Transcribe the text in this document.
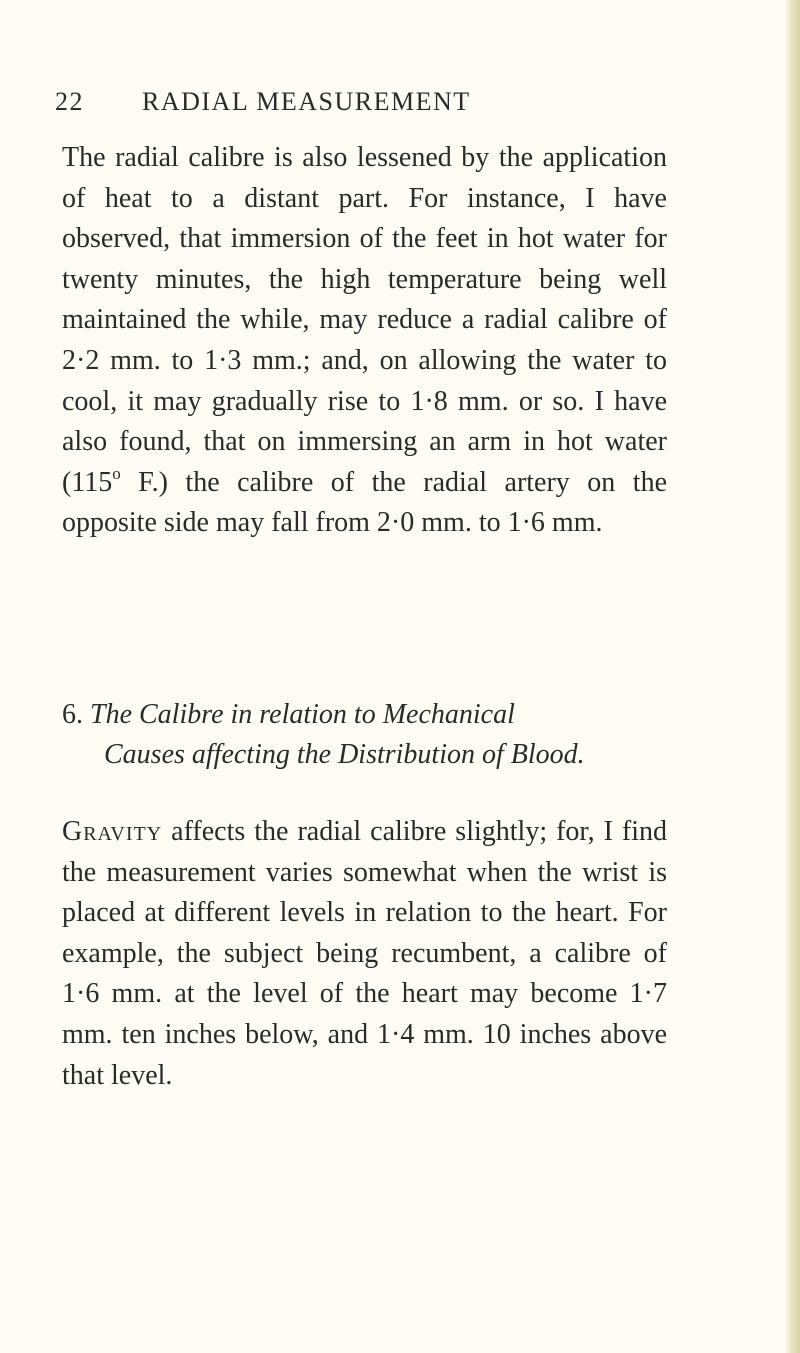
22 RADIAL MEASUREMENT

The radial calibre is also lessened by the application of heat to a distant part. For instance, I have observed, that immersion of the feet in hot water for twenty minutes, the high temperature being well maintained the while, may reduce a radial calibre of 2·2 mm. to 1·3 mm.; and, on allowing the water to cool, it may gradually rise to 1·8 mm. or so. I have also found, that on immersing an arm in hot water (115$^o$ F.) the calibre of the radial artery on the opposite side may fall from 2·0 mm. to 1·6 mm.

6. The Calibre in relation to Mechanical
Causes affecting the Distribution of Blood.

Gravity affects the radial calibre slightly; for, I find the measurement varies somewhat when the wrist is placed at different levels in relation to the heart. For example, the subject being recumbent, a calibre of 1·6 mm. at the level of the heart may become 1·7 mm. ten inches below, and 1·4 mm. 10 inches above that level.
